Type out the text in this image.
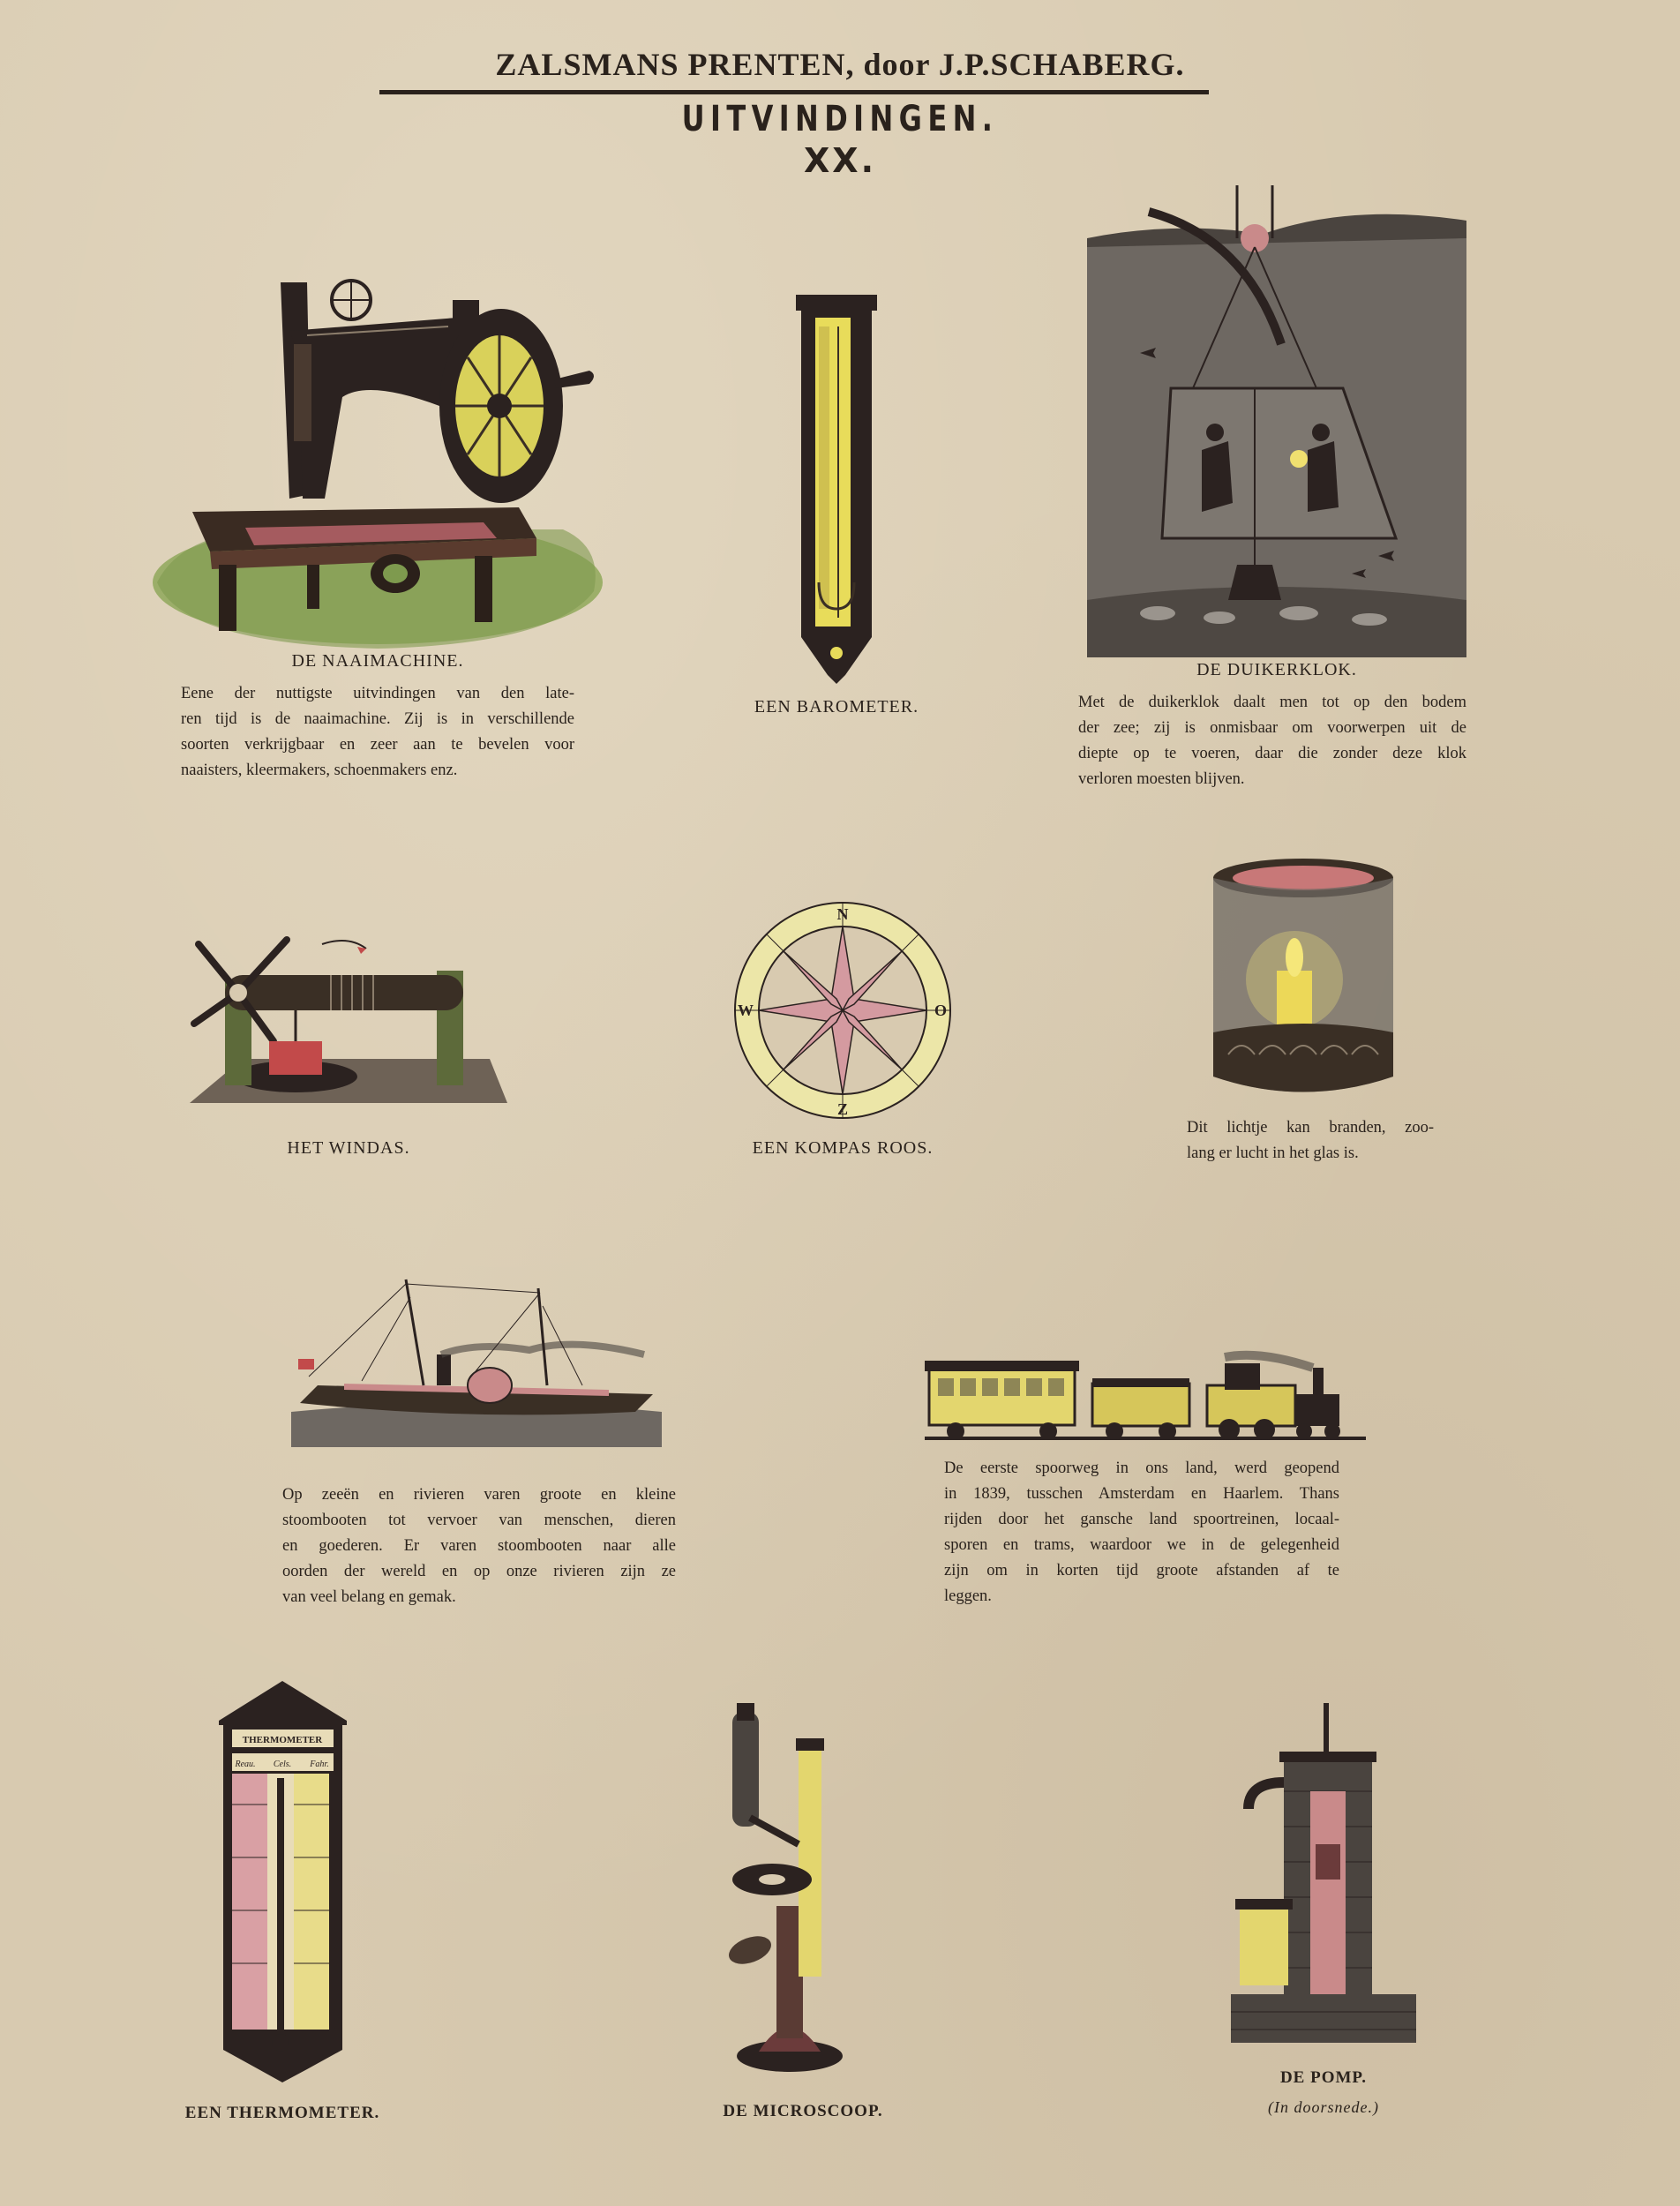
ZALSMANS PRENTEN, door J.P.SCHABERG.
UITVINDINGEN.
XX.
DE NAAIMACHINE.
Eene der nuttigste uitvindingen van den late-
ren tijd is de naaimachine. Zij is in verschillende
soorten verkrijgbaar en zeer aan te bevelen voor
naaisters, kleermakers, schoenmakers enz.
EEN BAROMETER.
DE DUIKERKLOK.
Met de duikerklok daalt men tot op den bodem
der zee; zij is onmisbaar om voorwerpen uit de
diepte op te voeren, daar die zonder deze klok
verloren moesten blijven.
HET WINDAS.
N
O
Z
W
EEN KOMPAS ROOS.
Dit lichtje kan branden, zoo-
lang er lucht in het glas is.
Op zeeën en rivieren varen groote en kleine
stoombooten tot vervoer van menschen, dieren
en goederen. Er varen stoombooten naar alle
oorden der wereld en op onze rivieren zijn ze
van veel belang en gemak.
De eerste spoorweg in ons land, werd geopend
in 1839, tusschen Amsterdam en Haarlem. Thans
rijden door het gansche land spoortreinen, locaal-
sporen en trams, waardoor we in de gelegenheid
zijn om in korten tijd groote afstanden af te
leggen.
THERMOMETER
Reau. Cels. Fahr.
EEN THERMOMETER.	DE MICROSCOOP.
DE POMP.
(In doorsnede.)
